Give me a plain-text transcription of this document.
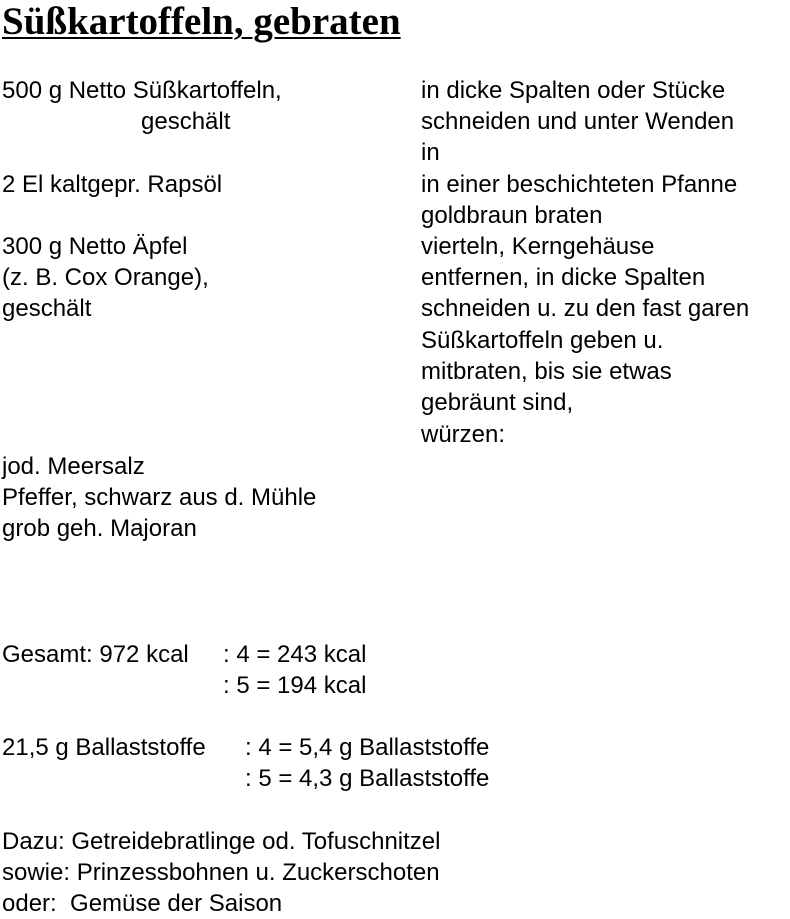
Süßkartoffeln, gebraten

500 g Netto Süßkartoffeln,

geschält

in dicke Spalten oder Stücke

schneiden und unter Wenden

in

2 El kaltgepr. Rapsöl	in einer beschichteten Pfanne

goldbraun braten

300 g Netto Äpfel

(z. B. Cox Orange),

geschält

vierteln, Kerngehäuse

entfernen, in dicke Spalten

schneiden u. zu den fast garen

Süßkartoffeln geben u.

mitbraten, bis sie etwas

gebräunt sind,

würzen:

jod. Meersalz

Pfeffer, schwarz aus d. Mühle

grob geh. Majoran

Gesamt: 972 kcal : 4 = 243 kcal

: 5 = 194 kcal

21,5 g Ballaststoffe : 4 = 5,4 g Ballaststoffe

: 5 = 4,3 g Ballaststoffe

Dazu: Getreidebratlinge od. Tofuschnitzel

sowie: Prinzessbohnen u. Zuckerschoten

oder:  Gemüse der Saison
